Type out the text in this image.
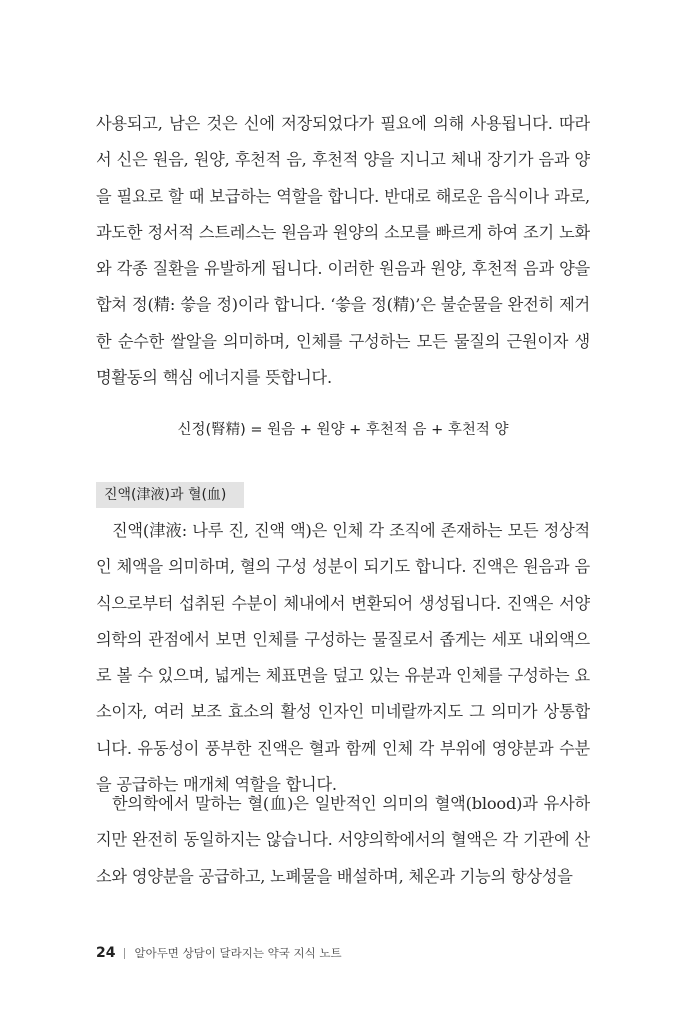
사용되고, 남은 것은 신에 저장되었다가 필요에 의해 사용됩니다. 따라서 신은 원음, 원양, 후천적 음, 후천적 양을 지니고 체내 장기가 음과 양을 필요로 할 때 보급하는 역할을 합니다. 반대로 해로운 음식이나 과로, 과도한 정서적 스트레스는 원음과 원양의 소모를 빠르게 하여 조기 노화와 각종 질환을 유발하게 됩니다. 이러한 원음과 원양, 후천적 음과 양을 합쳐 정(精: 씋을 정)이라 합니다. ‘씋을 정(精)’은 불순물을 완전히 제거한 순수한 쌀알을 의미하며, 인체를 구성하는 모든 물질의 근원이자 생명활동의 핵심 에너지를 뜻합니다.

신정(腎精) = 원음 + 원양 + 후천적 음 + 후천적 양
진액(津液)과 혈(血)

진액(津液: 나루 진, 진액 액)은 인체 각 조직에 존재하는 모든 정상적인 체액을 의미하며, 혈의 구성 성분이 되기도 합니다. 진액은 원음과 음식으로부터 섭취된 수분이 체내에서 변환되어 생성됩니다. 진액은 서양의학의 관점에서 보면 인체를 구성하는 물질로서 좁게는 세포 내외액으로 볼 수 있으며, 넓게는 체표면을 덮고 있는 유분과 인체를 구성하는 요소이자, 여러 보조 효소의 활성 인자인 미네랄까지도 그 의미가 상통합니다. 유동성이 풍부한 진액은 혈과 함께 인체 각 부위에 영양분과 수분을 공급하는 매개체 역할을 합니다.

한의학에서 말하는 혈(血)은 일반적인 의미의 혈액(blood)과 유사하지만 완전히 동일하지는 않습니다. 서양의학에서의 혈액은 각 기관에 산소와 영양분을 공급하고, 노폐물을 배설하며, 체온과 기능의 항상성을

24 알아두면 상담이 달라지는 약국 지식 노트
